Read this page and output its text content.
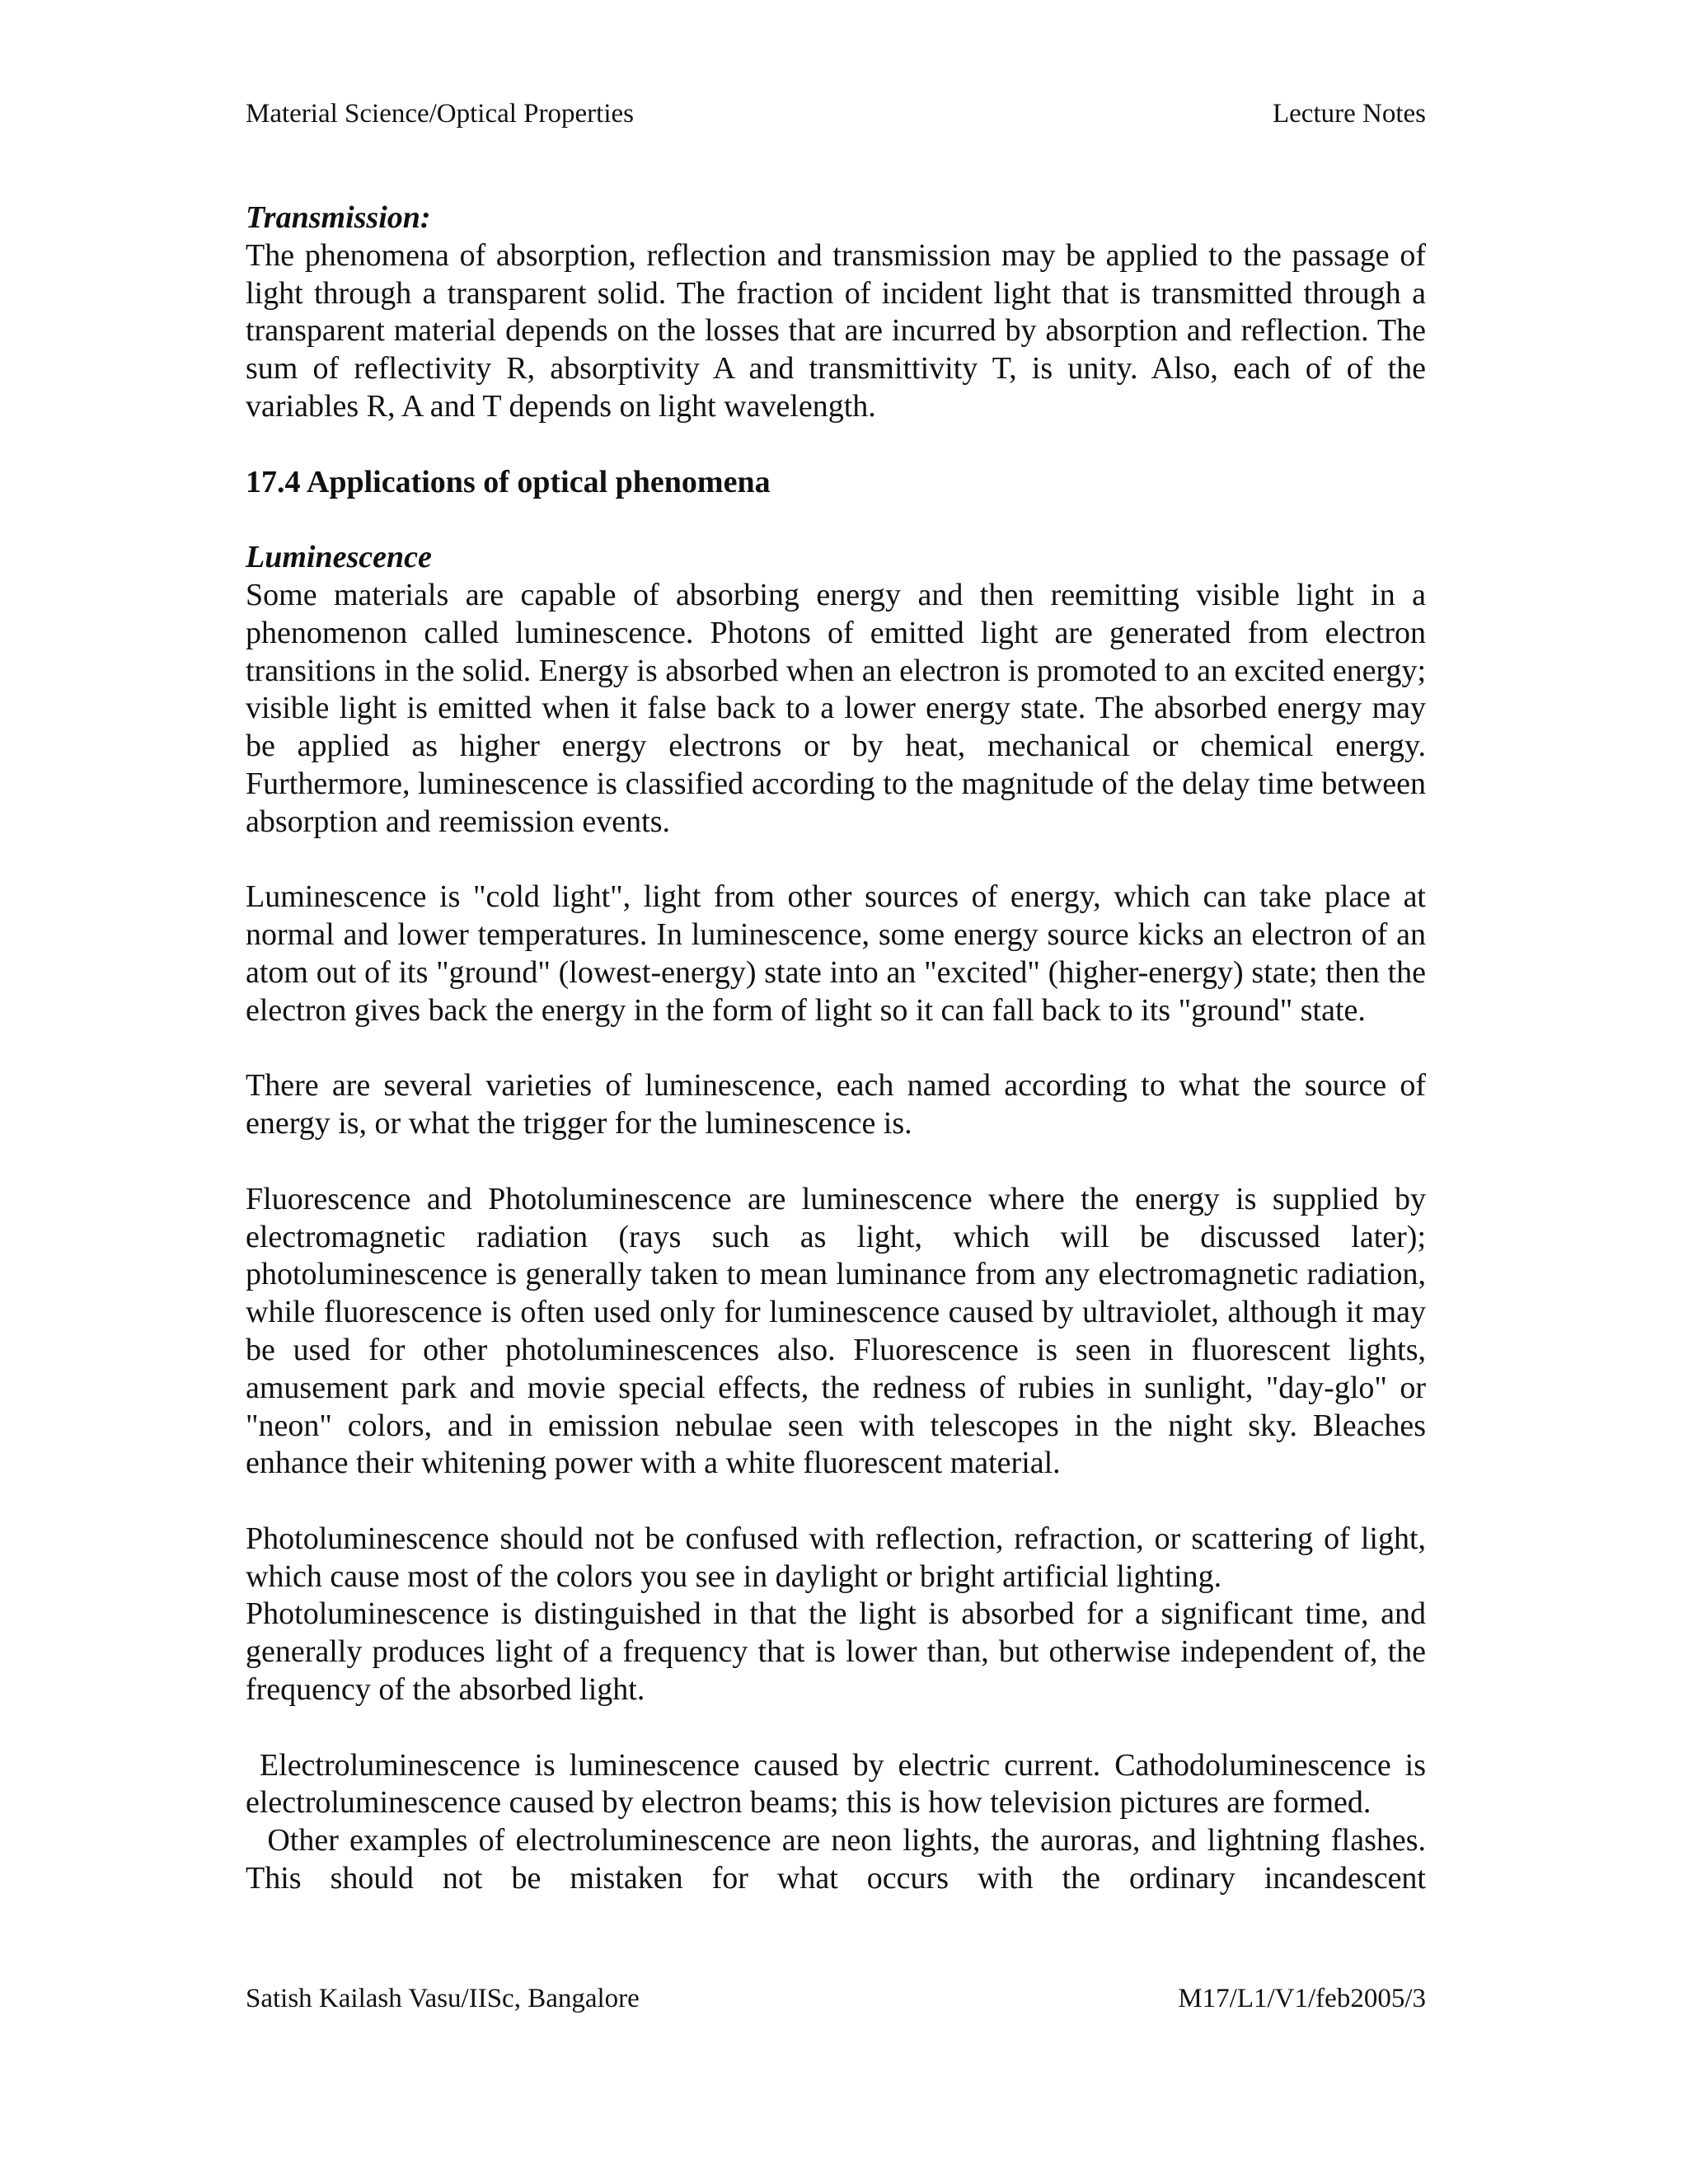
Material Science/Optical Properties	Lecture Notes
Transmission:

The phenomena of absorption, reflection and transmission may be applied to the passage of light through a transparent solid. The fraction of incident light that is transmitted through a transparent material depends on the losses that are incurred by absorption and reflection. The sum of reflectivity R, absorptivity A and transmittivity T, is unity. Also, each of of the variables R, A and T depends on light wavelength.

17.4 Applications of optical phenomena
Luminescence

Some materials are capable of absorbing energy and then reemitting visible light in a phenomenon called luminescence. Photons of emitted light are generated from electron transitions in the solid. Energy is absorbed when an electron is promoted to an excited energy; visible light is emitted when it false back to a lower energy state. The absorbed energy may be applied as higher energy electrons or by heat, mechanical or chemical energy. Furthermore, luminescence is classified according to the magnitude of the delay time between absorption and reemission events.

Luminescence is "cold light", light from other sources of energy, which can take place at normal and lower temperatures. In luminescence, some energy source kicks an electron of an atom out of its "ground" (lowest-energy) state into an "excited" (higher-energy) state; then the electron gives back the energy in the form of light so it can fall back to its "ground" state.

There are several varieties of luminescence, each named according to what the source of energy is, or what the trigger for the luminescence is.

Fluorescence and Photoluminescence are luminescence where the energy is supplied by electromagnetic radiation (rays such as light, which will be discussed later); photoluminescence is generally taken to mean luminance from any electromagnetic radiation, while fluorescence is often used only for luminescence caused by ultraviolet, although it may be used for other photoluminescences also. Fluorescence is seen in fluorescent lights, amusement park and movie special effects, the redness of rubies in sunlight, "day-glo" or "neon" colors, and in emission nebulae seen with telescopes in the night sky. Bleaches enhance their whitening power with a white fluorescent material.

Photoluminescence should not be confused with reflection, refraction, or scattering of light, which cause most of the colors you see in daylight or bright artificial lighting.

Photoluminescence is distinguished in that the light is absorbed for a significant time, and generally produces light of a frequency that is lower than, but otherwise independent of, the frequency of the absorbed light.

Electroluminescence is luminescence caused by electric current. Cathodoluminescence is electroluminescence caused by electron beams; this is how television pictures are formed.

Other examples of electroluminescence are neon lights, the auroras, and lightning flashes.  This should not be mistaken for what occurs with the ordinary incandescent

Satish Kailash Vasu/IISc, Bangalore	M17/L1/V1/feb2005/3
